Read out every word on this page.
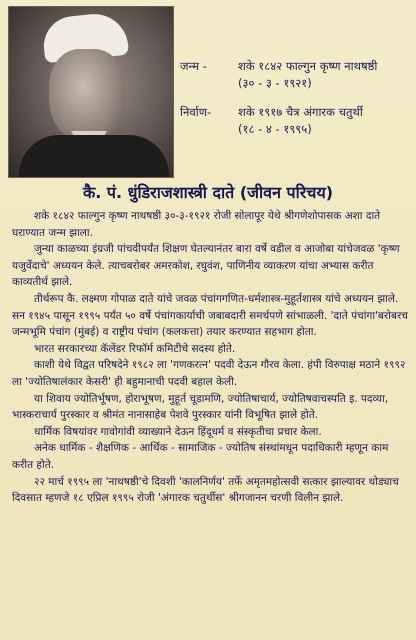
जन्म -	शके १८४२ फाल्गुन कृष्ण नाथषष्ठी
(३० - ३ - १९२१)
निर्वाण- शके १९१७ चैत्र अंगारक चतुर्थी
(१८ - ४ - १९९५)
कै. पं. धुंडिराजशास्त्री दाते (जीवन परिचय)

शके १८४२ फाल्गुन कृष्ण नाथषष्ठी ३०-३-१९२१ रोजी सोलापूर येथे श्रीगणेशोपासक अशा दाते घराण्यात जन्म झाला.

जुन्या काळच्या इंग्रजी पांचवीपर्यंत शिक्षण घेतल्यानंतर बारा वर्षे वडील व आजोबा यांचेजवळ 'कृष्ण यजुर्वेदाचे' अध्ययन केले. त्याचबरोबर अमरकोश, रघुवंश, पाणिनीय व्याकरण यांचा अभ्यास करीत काव्यतीर्थ झाले.

तीर्थरूप कै. लक्ष्मण गोपाळ दाते यांचे जवळ पंचांगगणित-धर्मशास्त्र-मुहूर्तशास्त्र यांचे अध्ययन झाले. सन १९४५ पासून १९९५ पर्यंत ५० वर्षे पंचांगकार्याची जबाबदारी समर्थपणे सांभाळली. 'दाते पंचांगा'बरोबरच जन्मभूमि पंचांग (मुंबई) व राष्ट्रीय पंचांग (कलकत्ता) तयार करण्यात सहभाग होता.

भारत सरकारच्या कॅलेंडर रिफॉर्म कमिटीचे सदस्य होते.

काशी येथे विद्वत परिषदेने १९८२ ला 'गणकरत्न' पदवी देऊन गौरव केला. हंपी विरुपाक्ष मठाने १९९२ ला 'ज्योतिषालंकार केसरी' ही बहुमानाची पदवी बहाल केली.

या शिवाय ज्योतिर्भूषण, होराभूषण, मुहूर्त चूडामणि, ज्योतिषाचार्य, ज्योतिषवाचस्पति इ. पदव्या, भास्कराचार्य पुरस्कार व श्रीमंत नानासाहेब पेशवे पुरस्कार यांनी विभूषित झाले होते.

धार्मिक विषयांवर गावोगांवी व्याख्याने देऊन हिंदूधर्म व संस्कृतीचा प्रचार केला.

अनेक धार्मिक - शैक्षणिक - आर्थिक - सामाजिक - ज्योतिष संस्थांमधून पदाधिकारी म्हणून काम करीत होते.

२२ मार्च १९९५ ला 'नाथषष्ठी'चे दिवशी 'कालनिर्णय' तर्फे अमृतमहोत्सवी सत्कार झाल्यावर थोड्याच दिवसात म्हणजे १८ एप्रिल १९९५ रोजी 'अंगारक चतुर्थीस' श्रीगजानन चरणी विलीन झाले.
